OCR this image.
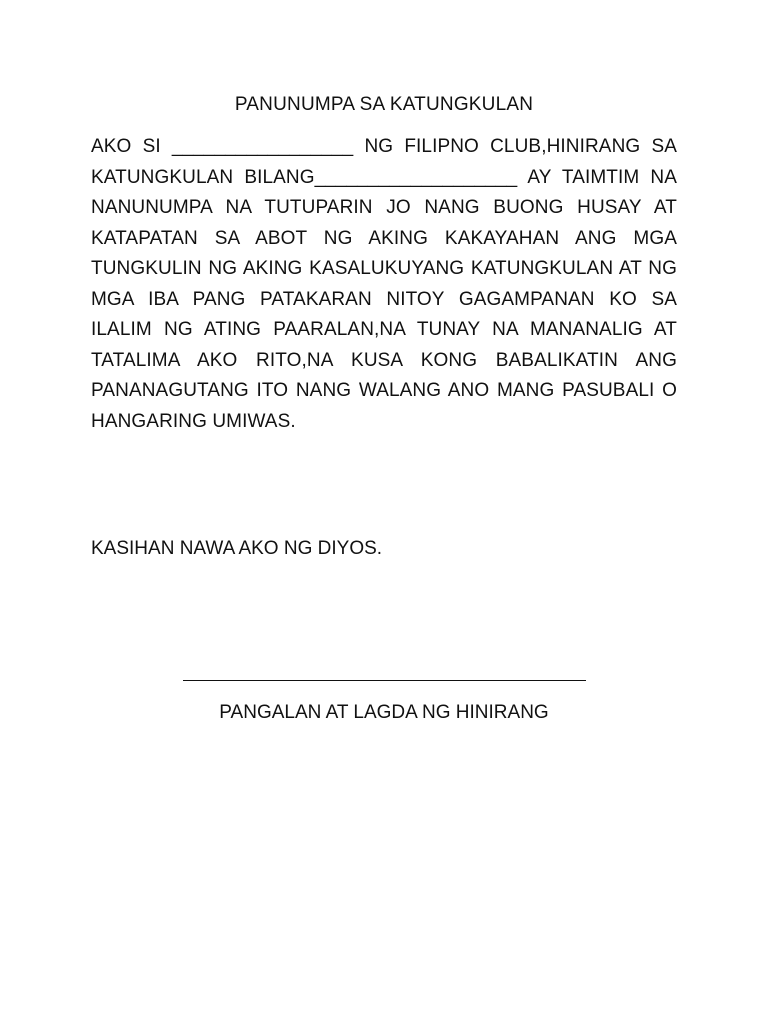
PANUNUMPA SA KATUNGKULAN
AKO SI _________________ NG FILIPNO CLUB,HINIRANG SA KATUNGKULAN BILANG___________________ AY TAIMTIM NA NANUNUMPA NA TUTUPARIN JO NANG BUONG HUSAY AT KATAPATAN SA ABOT NG AKING KAKAYAHAN ANG MGA TUNGKULIN NG AKING KASALUKUYANG KATUNGKULAN AT NG MGA IBA PANG PATAKARAN NITOY GAGAMPANAN KO SA ILALIM NG ATING PAARALAN,NA TUNAY NA MANANALIG AT TATALIMA AKO RITO,NA KUSA KONG BABALIKATIN ANG PANANAGUTANG ITO NANG WALANG ANO MANG PASUBALI O HANGARING UMIWAS.
KASIHAN NAWA AKO NG DIYOS.
PANGALAN AT LAGDA NG HINIRANG
